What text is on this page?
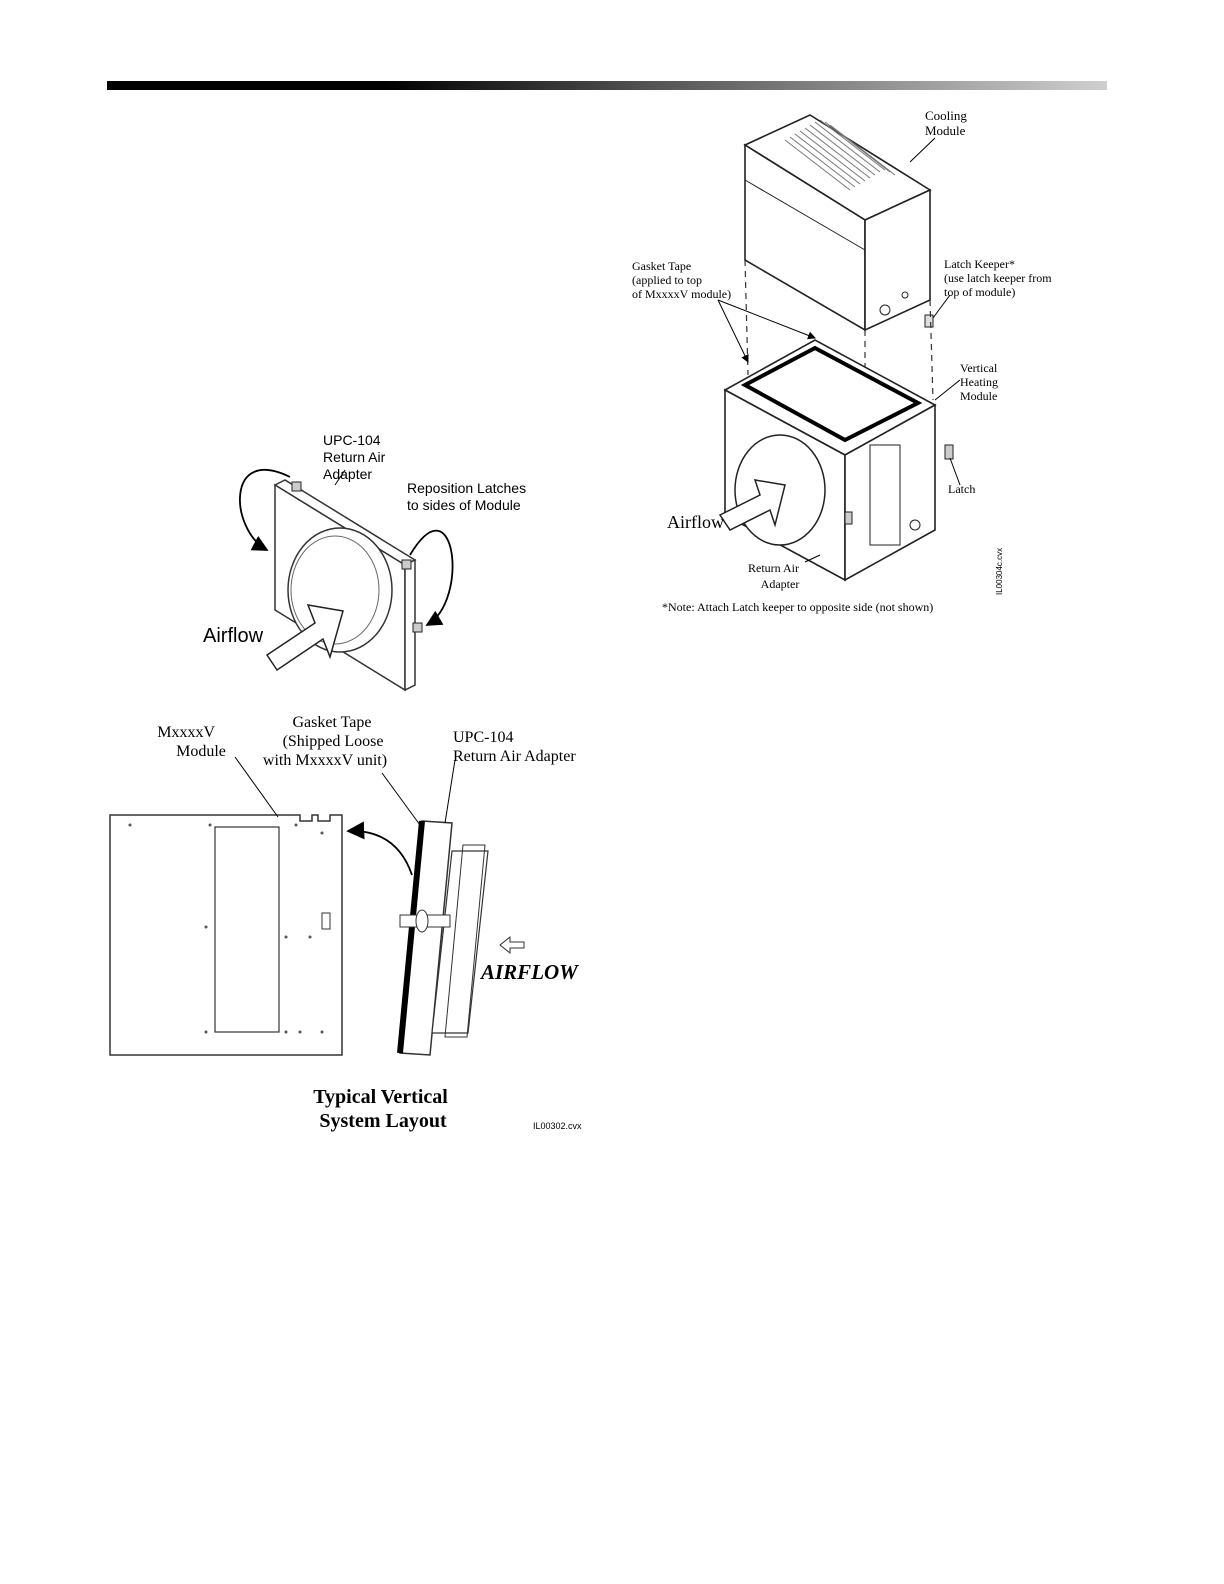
Cooling Module
Gasket Tape (applied to top of MxxxxV module)
Latch Keeper* (use latch keeper from top of module)
Vertical Heating Module
Latch
Airflow
Return Air Adapter	IL00304c.cvx
*Note: Attach Latch keeper to opposite side (not shown)
UPC-104 Return Air Adapter
Reposition Latches to sides of Module
Airflow
MxxxxV Module
Gasket Tape (Shipped Loose with MxxxxV unit)
UPC-104 Return Air Adapter
AIRFLOW
Typical Vertical System Layout	IL00302.cvx
